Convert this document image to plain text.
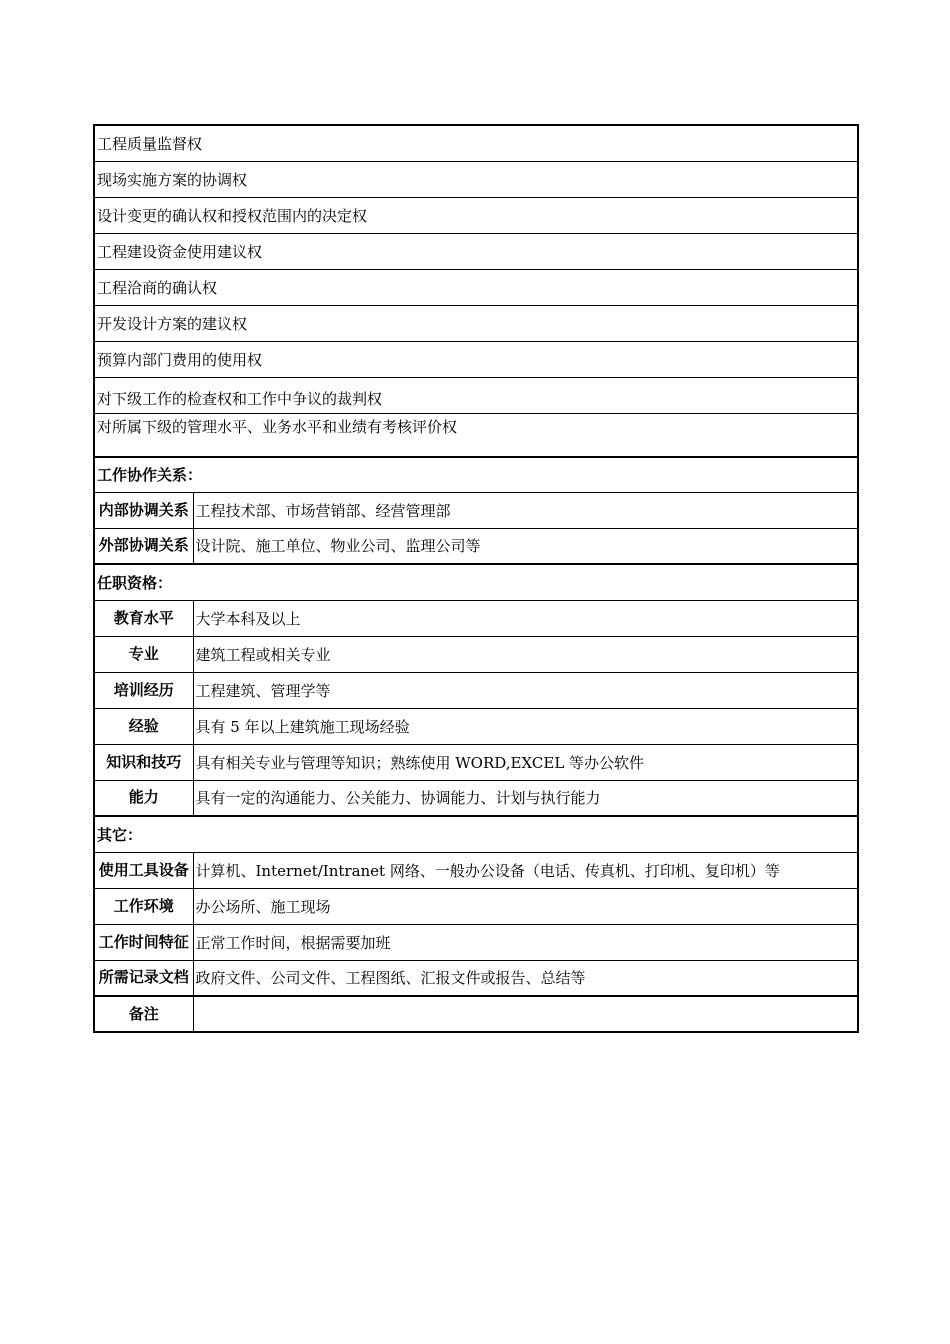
工程质量监督权	
现场实施方案的协调权	
设计变更的确认权和授权范围内的决定权	
工程建设资金使用建议权	
工程洽商的确认权	
开发设计方案的建议权	
预算内部门费用的使用权	
对下级工作的检查权和工作中争议的裁判权	
对所属下级的管理水平、业务水平和业绩有考核评价权	
工作协作关系：	
内部协调关系	工程技术部、市场营销部、经营管理部
外部协调关系	设计院、施工单位、物业公司、监理公司等
任职资格：	
教育水平	大学本科及以上
专业	建筑工程或相关专业
培训经历	工程建筑、管理学等
经验	具有 5 年以上建筑施工现场经验
知识和技巧	具有相关专业与管理等知识；熟练使用 WORD,EXCEL 等办公软件
能力	具有一定的沟通能力、公关能力、协调能力、计划与执行能力
其它：	
使用工具设备	计算机、Internet/Intranet 网络、一般办公设备（电话、传真机、打印机、复印机）等
工作环境	办公场所、施工现场
工作时间特征	正常工作时间，根据需要加班
所需记录文档	政府文件、公司文件、工程图纸、汇报文件或报告、总结等
备注	
